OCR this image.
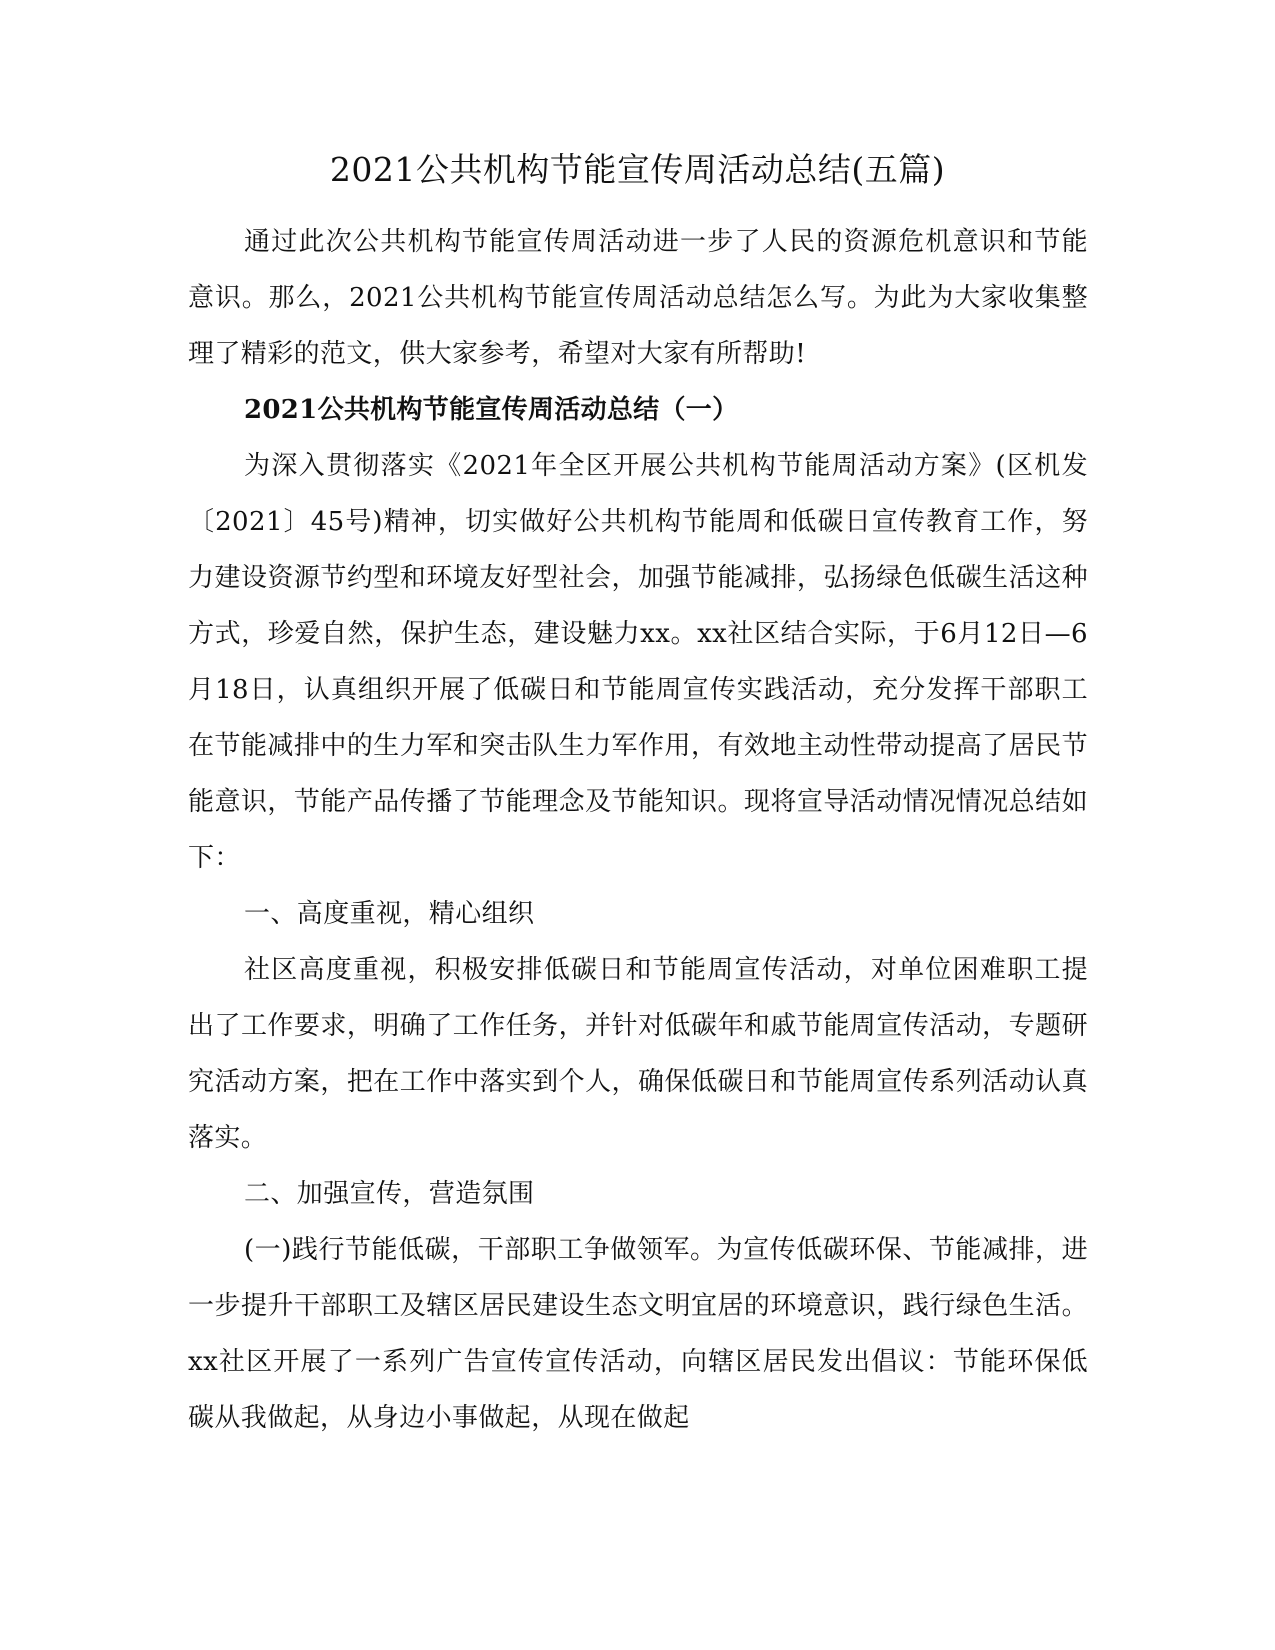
2021公共机构节能宣传周活动总结(五篇)

通过此次公共机构节能宣传周活动进一步了人民的资源危机意识和节能意识。那么，2021公共机构节能宣传周活动总结怎么写。为此为大家收集整理了精彩的范文，供大家参考，希望对大家有所帮助!

2021公共机构节能宣传周活动总结（一）

为深入贯彻落实《2021年全区开展公共机构节能周活动方案》(区机发〔2021〕45号)精神，切实做好公共机构节能周和低碳日宣传教育工作，努力建设资源节约型和环境友好型社会，加强节能减排，弘扬绿色低碳生活这种方式，珍爱自然，保护生态，建设魅力xx。xx社区结合实际，于6月12日—6月18日，认真组织开展了低碳日和节能周宣传实践活动，充分发挥干部职工在节能减排中的生力军和突击队生力军作用，有效地主动性带动提高了居民节能意识，节能产品传播了节能理念及节能知识。现将宣导活动情况情况总结如下：

一、高度重视，精心组织

社区高度重视，积极安排低碳日和节能周宣传活动，对单位困难职工提出了工作要求，明确了工作任务，并针对低碳年和戚节能周宣传活动，专题研究活动方案，把在工作中落实到个人，确保低碳日和节能周宣传系列活动认真落实。

二、加强宣传，营造氛围

(一)践行节能低碳，干部职工争做领军。为宣传低碳环保、节能减排，进一步提升干部职工及辖区居民建设生态文明宜居的环境意识，践行绿色生活。xx社区开展了一系列广告宣传宣传活动，向辖区居民发出倡议：节能环保低碳从我做起，从身边小事做起，从现在做起
